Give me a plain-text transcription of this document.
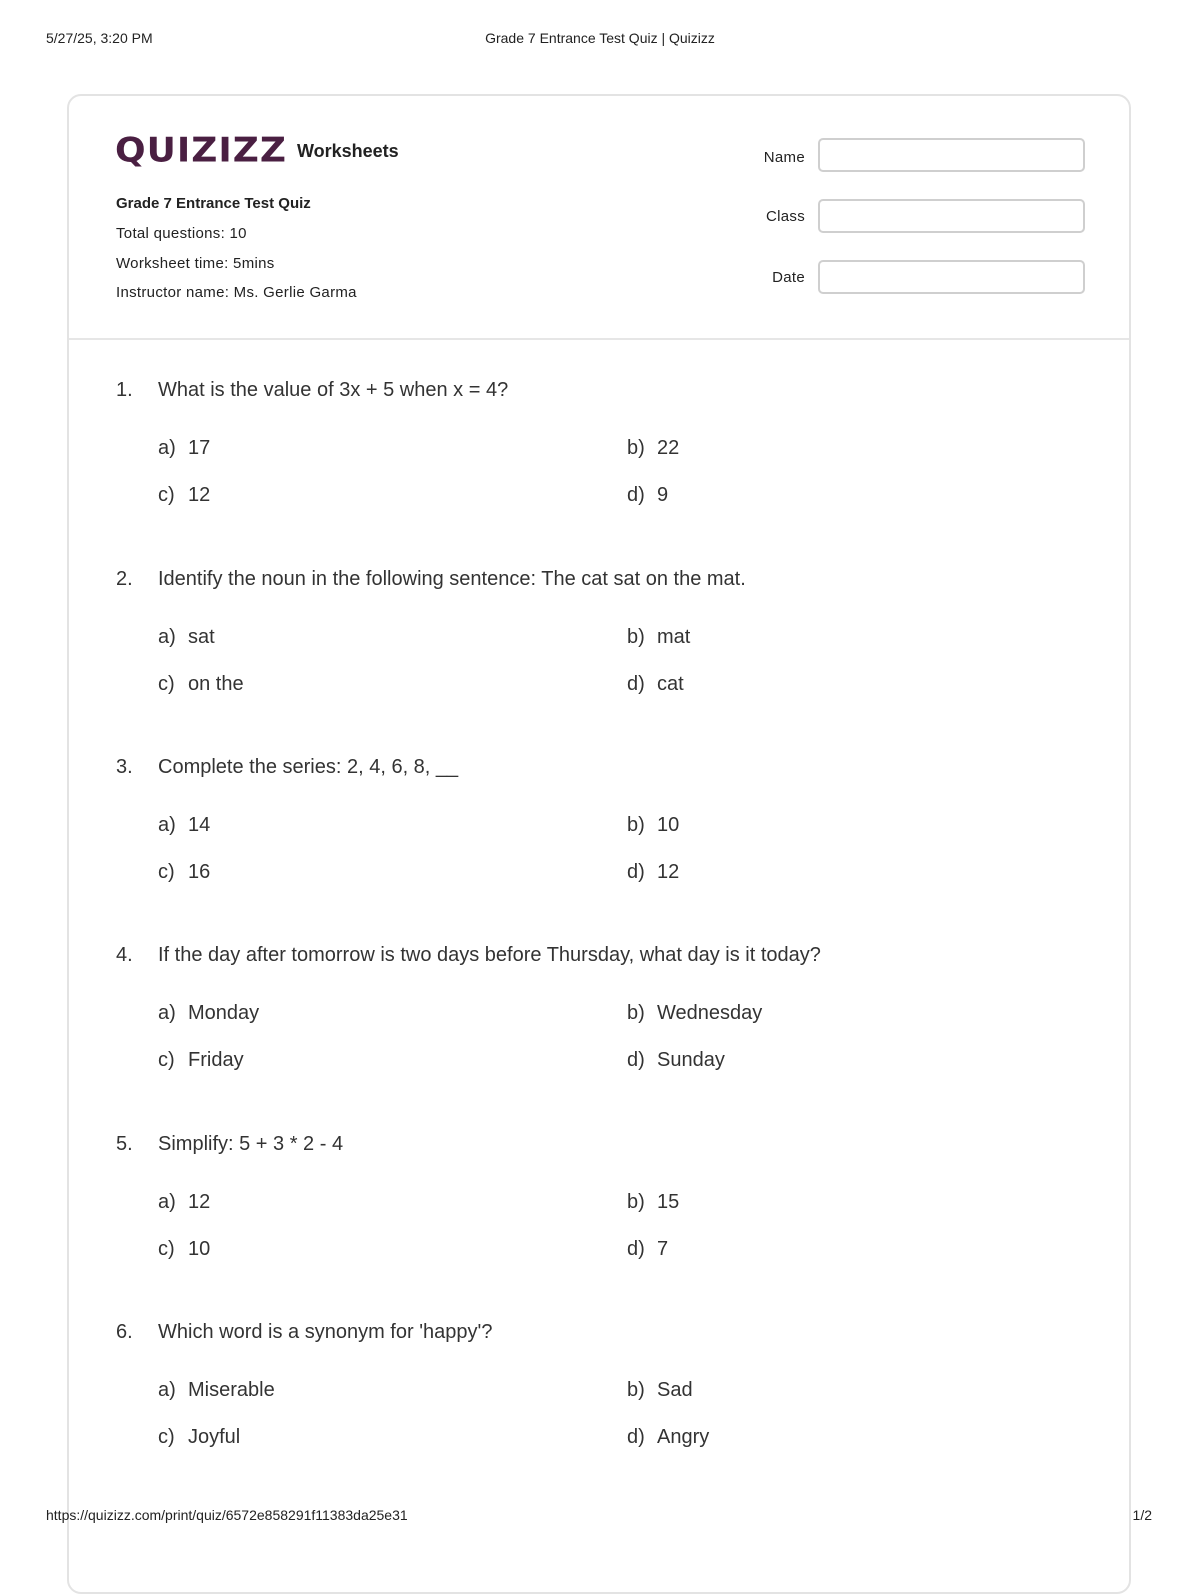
Grade 7 Entrance Test Quiz | Quizizz
5/27/25, 3:20 PM
QUIZIZZ Worksheets
Grade 7 Entrance Test Quiz
Total questions: 10
Worksheet time: 5mins
Instructor name: Ms. Gerlie Garma
Name
Class
Date
1. What is the value of 3x + 5 when x = 4?
a) 17	b) 22
c) 12	d) 9
2. Identify the noun in the following sentence: The cat sat on the mat.
a) sat	b) mat
c) on the	d) cat
3. Complete the series: 2, 4, 6, 8, __
a) 14	b) 10
c) 16	d) 12
4. If the day after tomorrow is two days before Thursday, what day is it today?
a) Monday	b) Wednesday
c) Friday	d) Sunday
5. Simplify: 5 + 3 * 2 - 4
a) 12	b) 15
c) 10	d) 7
6. Which word is a synonym for 'happy'?
a) Miserable	b) Sad
c) Joyful	d) Angry
https://quizizz.com/print/quiz/6572e858291f11383da25e31	1/2
